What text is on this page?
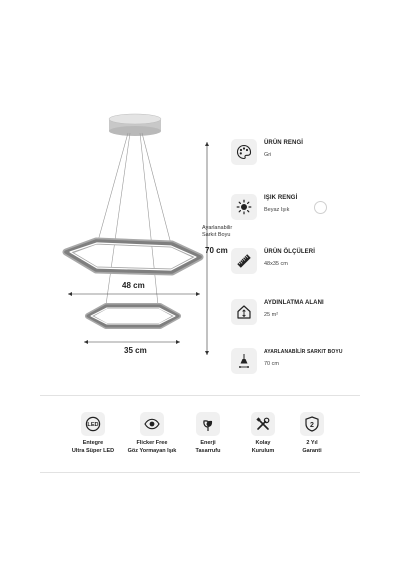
48 cm
35 cm
Ayarlanabilir Sarkıt Boyu
70 cm
ÜRÜN RENGİ
Gri
IŞIK RENGİ
Beyaz Işık
ÜRÜN ÖLÇÜLERİ
48x35 cm
AYDINLATMA ALANI
25 m²
AYARLANABİLİR SARKIT BOYU
70 cm
LED
Entegre
Ultra Süper LED
Flicker Free
Göz Yormayan Işık
Enerji
Tasarrufu
Kolay
Kurulum
2
2 Yıl
Garanti
